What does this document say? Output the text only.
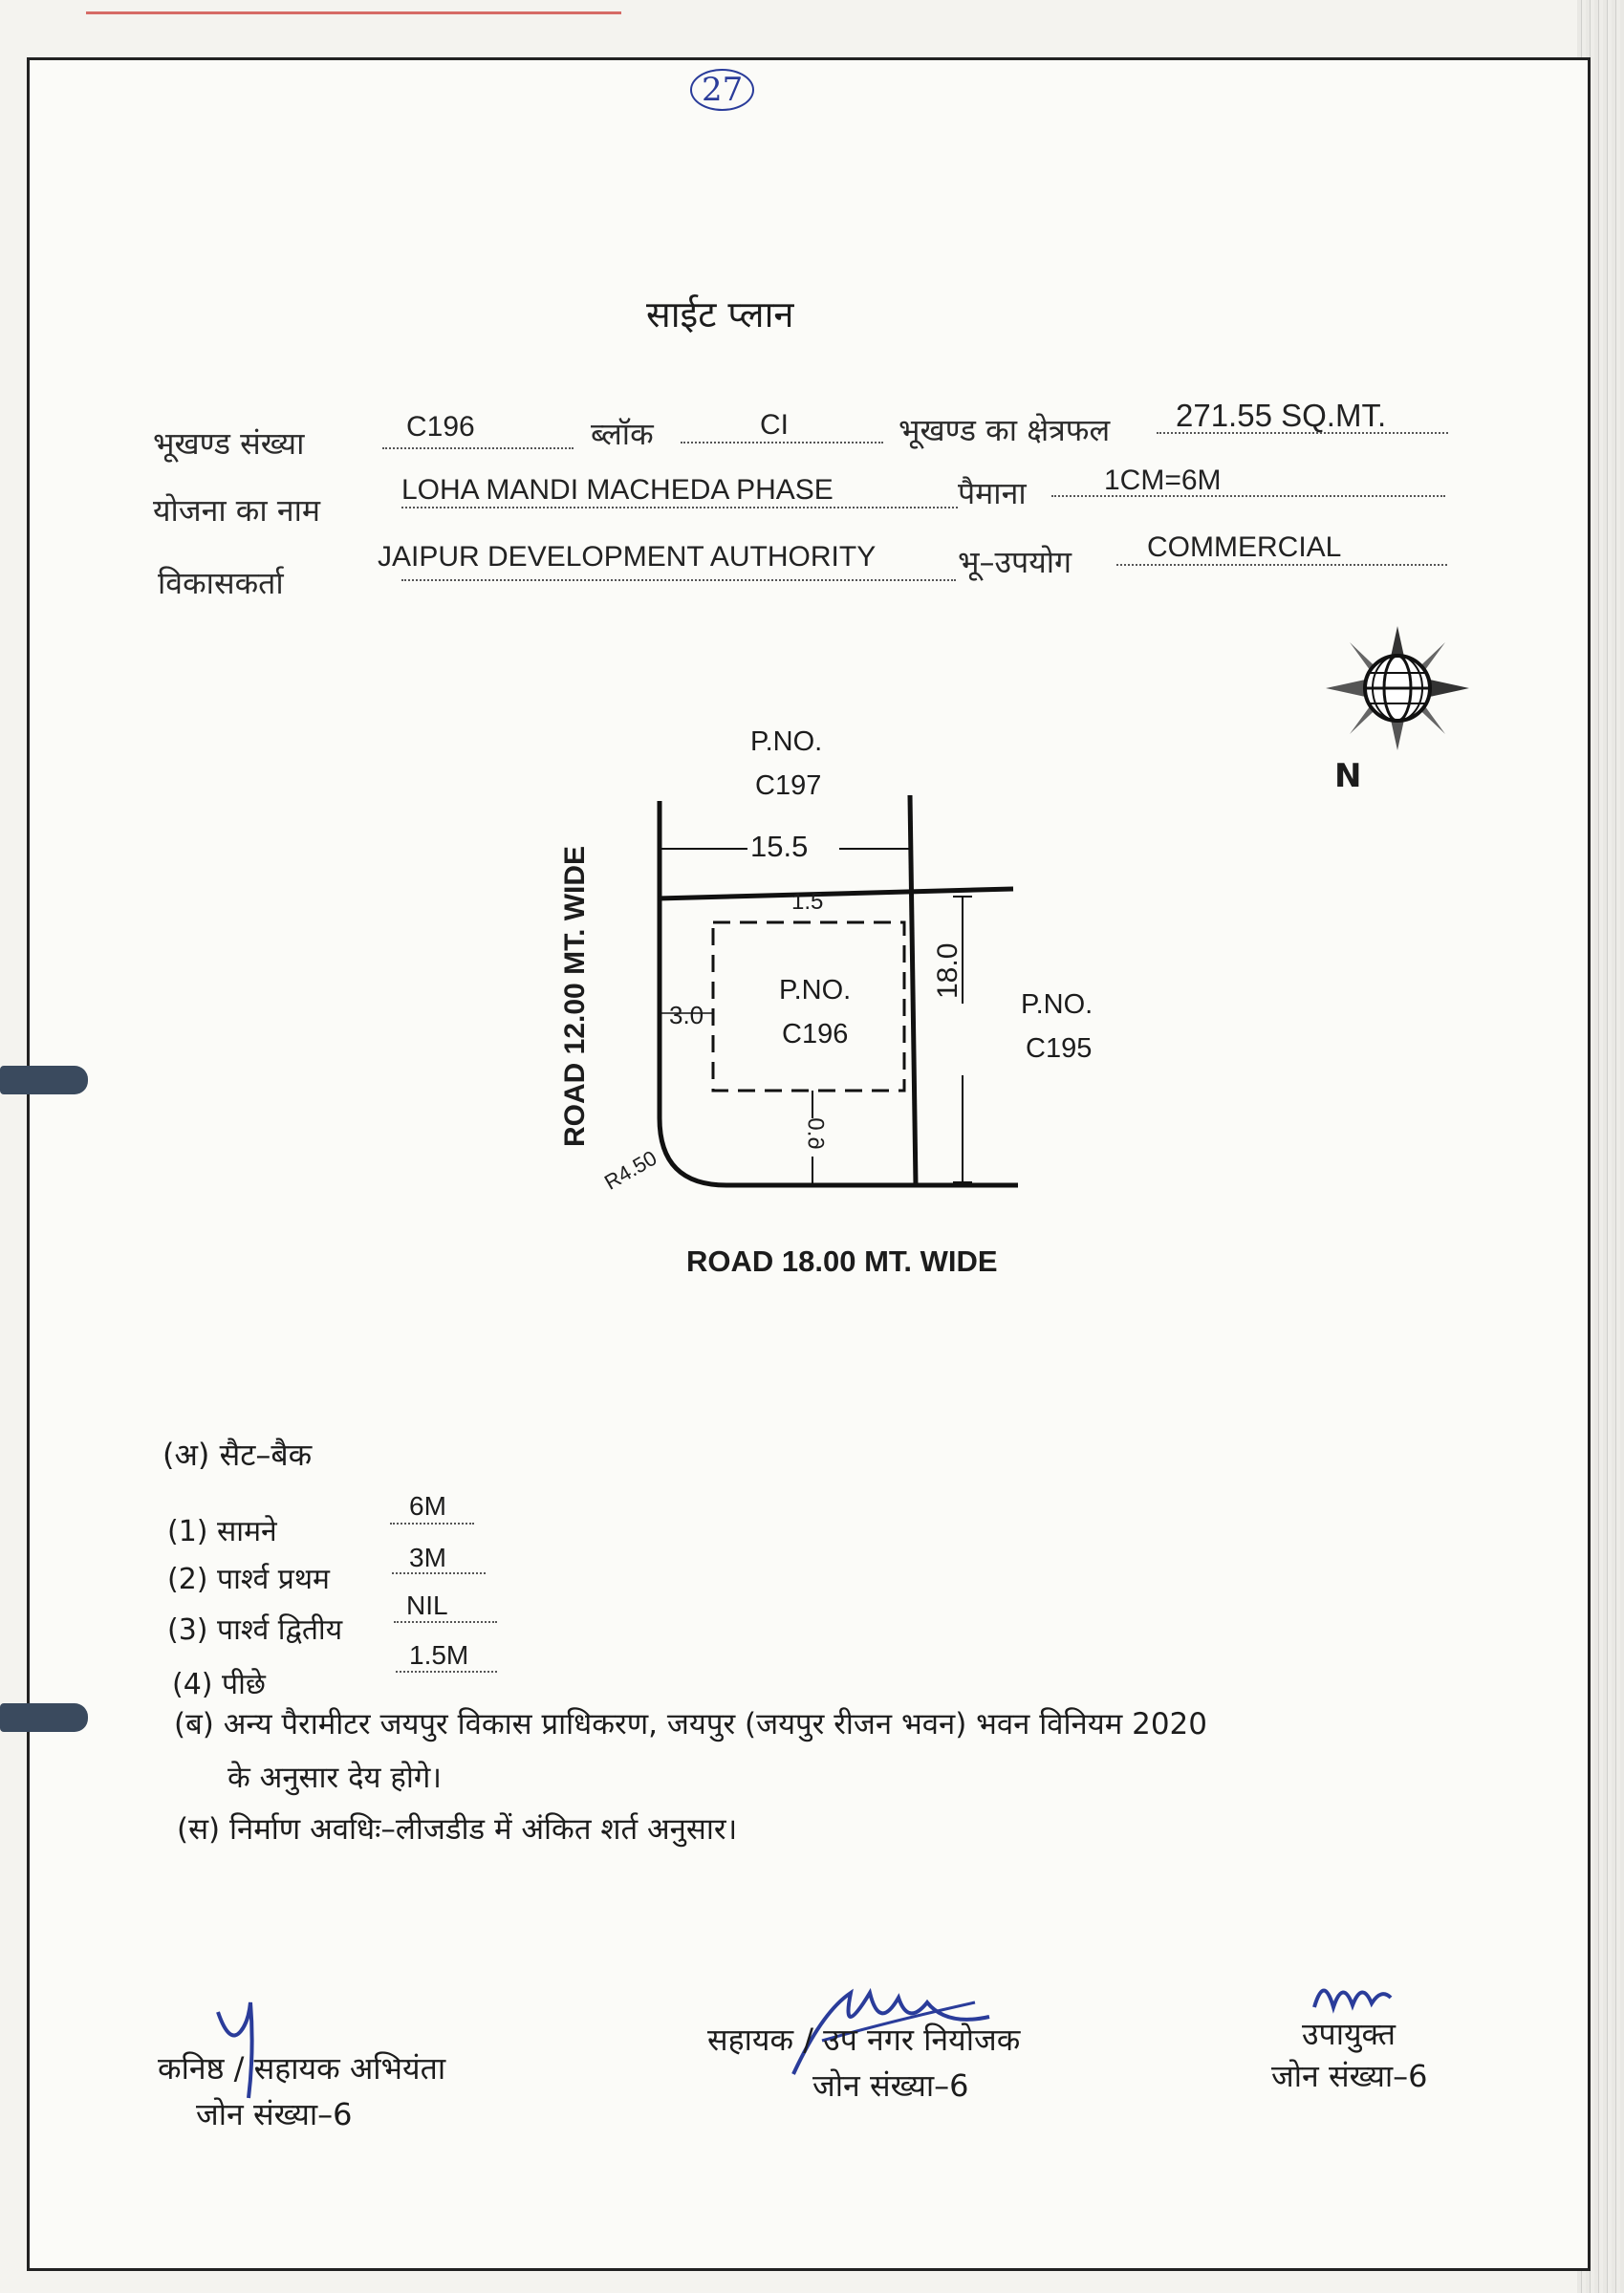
27
साईट प्लान
भूखण्ड संख्या	C196	ब्लॉक	CI	भूखण्ड का क्षेत्रफल 271.55 SQ.MT.
योजना का नाम
LOHA MANDI MACHEDA PHASE	पैमाना	1CM=6M
विकासकर्ता
JAIPUR DEVELOPMENT AUTHORITY	भू–उपयोग	COMMERCIAL
N
P.NO.
C197
15.5
1.5
3.0
P.NO.
C196
18.0
P.NO.
C195
6.0
R4.50
ROAD 12.00 MT. WIDE
ROAD 18.00 MT. WIDE
(अ) सैट–बैक
(1) सामने
6M
(2) पार्श्व प्रथम
3M
(3) पार्श्व द्वितीय
NIL
(4) पीछे
1.5M
(ब) अन्य पैरामीटर जयपुर विकास प्राधिकरण, जयपुर (जयपुर रीजन भवन) भवन विनियम 2020
के अनुसार देय होगे।
(स) निर्माण अवधिः–लीजडीड में अंकित शर्त अनुसार।
कनिष्ठ / सहायक अभियंता
जोन संख्या–6
सहायक / उप नगर नियोजक
जोन संख्या–6
उपायुक्त
जोन संख्या–6
